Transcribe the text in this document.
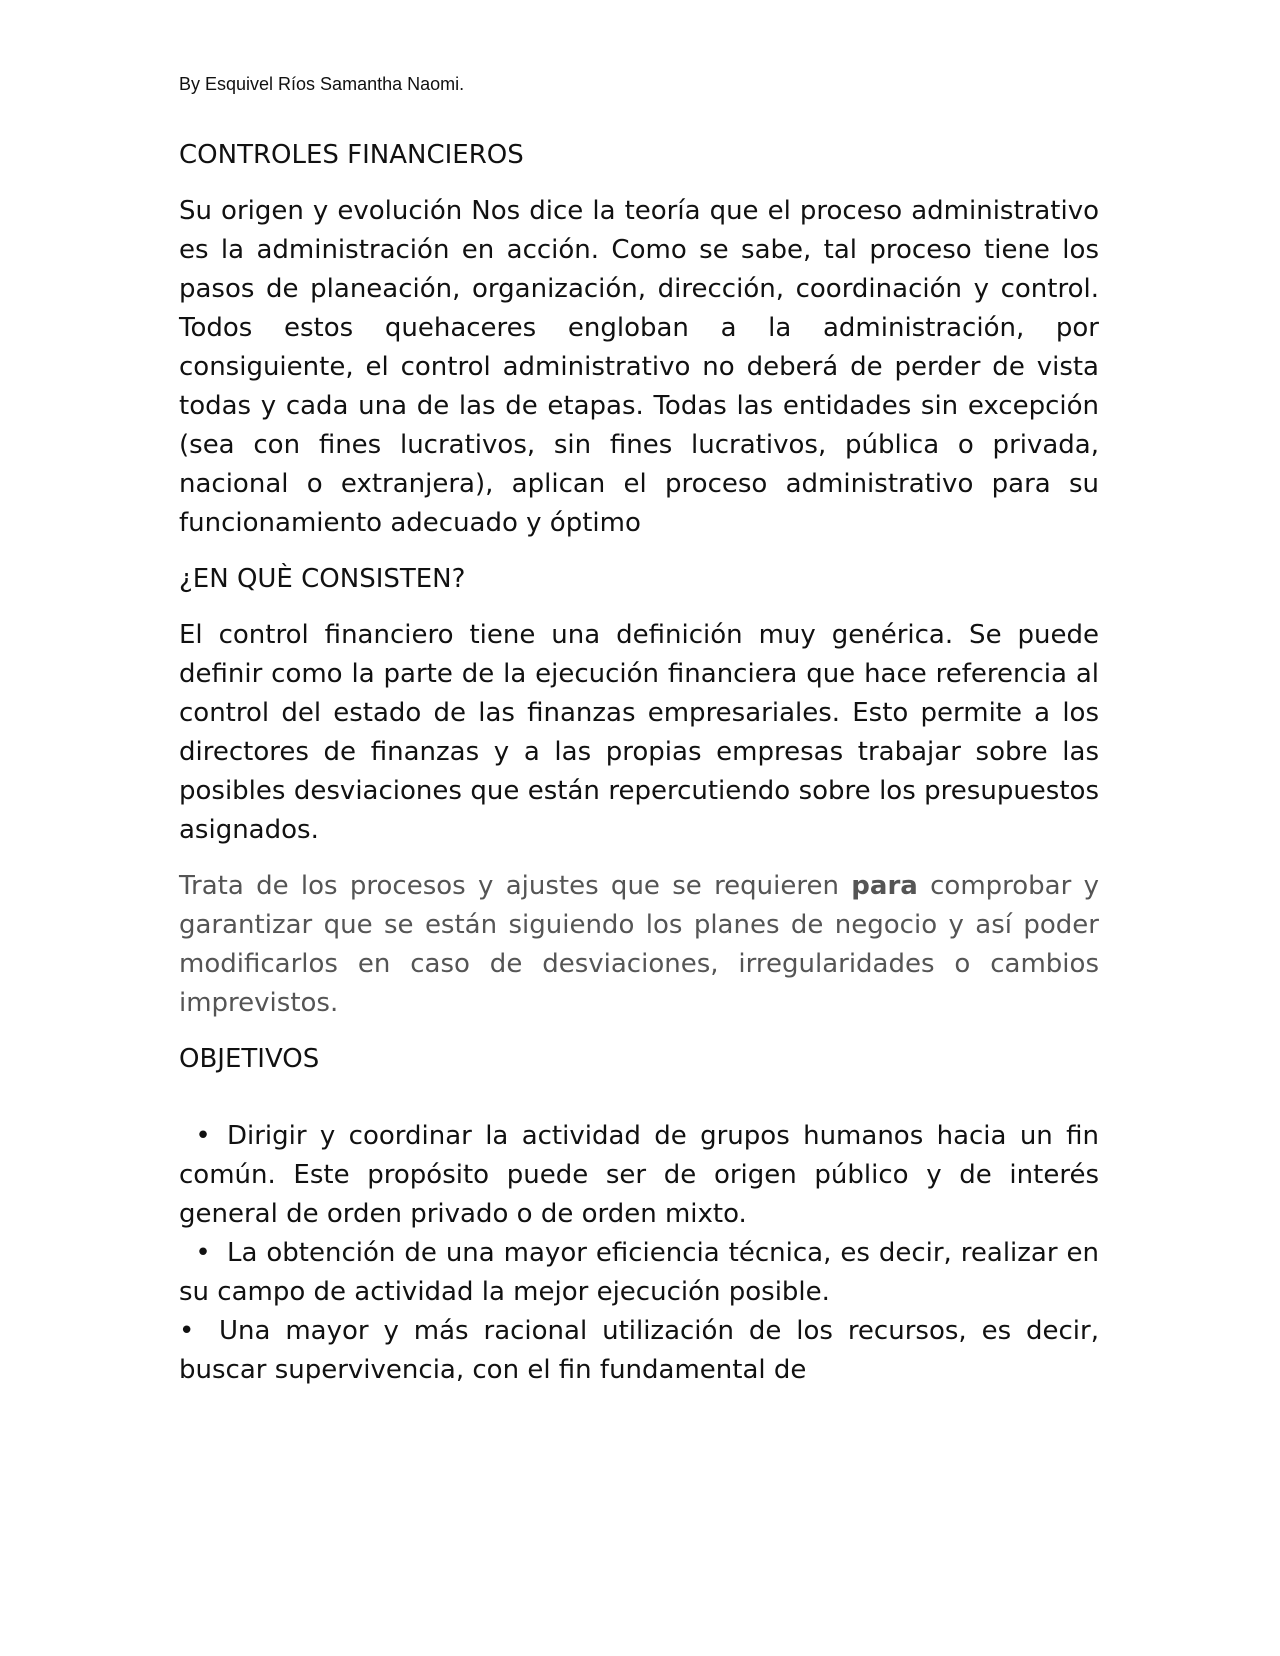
By Esquivel Ríos Samantha Naomi.
CONTROLES FINANCIEROS

Su origen y evolución Nos dice la teoría que el proceso administrativo es la administración en acción. Como se sabe, tal proceso tiene los pasos de planeación, organización, dirección, coordinación y control. Todos estos quehaceres engloban a la administración, por consiguiente, el control administrativo no deberá de perder de vista todas y cada una de las de etapas. Todas las entidades sin excepción (sea con fines lucrativos, sin fines lucrativos, pública o privada, nacional o extranjera), aplican el proceso administrativo para su funcionamiento adecuado y óptimo

¿EN QUÈ CONSISTEN?

El control financiero tiene una definición muy genérica. Se puede definir como la parte de la ejecución financiera que hace referencia al control del estado de las finanzas empresariales. Esto permite a los directores de finanzas y a las propias empresas trabajar sobre las posibles desviaciones que están repercutiendo sobre los presupuestos asignados.

Trata de los procesos y ajustes que se requieren para comprobar y garantizar que se están siguiendo los planes de negocio y así poder modificarlos en caso de desviaciones, irregularidades o cambios imprevistos.

OBJETIVOS

• Dirigir y coordinar la actividad de grupos humanos hacia un fin común. Este propósito puede ser de origen público y de interés general de orden privado o de orden mixto.

• La obtención de una mayor eficiencia técnica, es decir, realizar en su campo de actividad la mejor ejecución posible.

• Una mayor y más racional utilización de los recursos, es decir, buscar supervivencia, con el fin fundamental de
